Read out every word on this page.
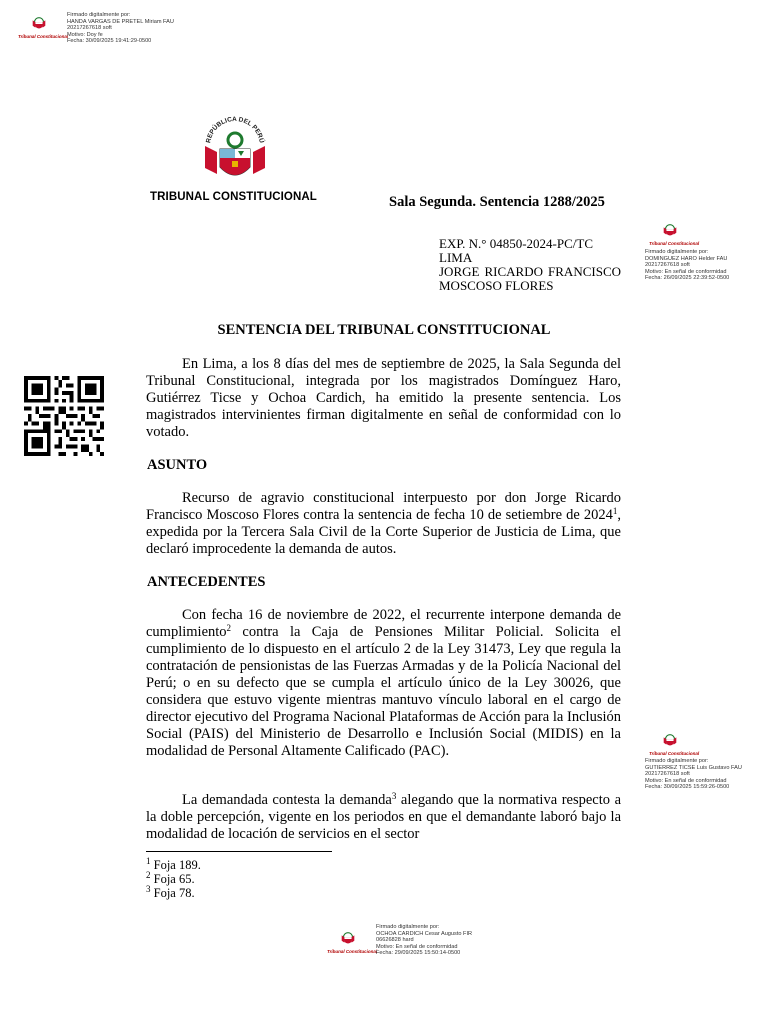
Tribunal Constitucional
Firmado digitalmente por:
HANDA VARGAS DE PRETEL Miriam FAU
20217267618 soft
Motivo: Doy fe
Fecha: 30/09/2025 19:41:29-0500
Tribunal Constitucional
Firmado digitalmente por:
DOMINGUEZ HARO Helder FAU
20217267618 soft
Motivo: En señal de conformidad
Fecha: 26/09/2025 22:39:52-0500
Tribunal Constitucional
Firmado digitalmente por:
GUTIERREZ TICSE Luis Gustavo FAU
20217267618 soft
Motivo: En señal de conformidad
Fecha: 30/09/2025 15:59:26-0500
Tribunal Constitucional
Firmado digitalmente por:
OCHOA CARDICH Cesar Augusto FIR
06626828 hard
Motivo: En señal de conformidad
Fecha: 29/09/2025 15:50:14-0500
REPÚBLICA DEL PERÚ
TRIBUNAL CONSTITUCIONAL	Sala Segunda. Sentencia 1288/2025
EXP. N.° 04850-2024-PC/TC
LIMA
JORGE RICARDO FRANCISCO
MOSCOSO FLORES
SENTENCIA DEL TRIBUNAL CONSTITUCIONAL

En Lima, a los 8 días del mes de septiembre de 2025, la Sala Segunda del Tribunal Constitucional, integrada por los magistrados Domínguez Haro, Gutiérrez Ticse y Ochoa Cardich, ha emitido la presente sentencia. Los magistrados intervinientes firman digitalmente en señal de conformidad con lo votado.

ASUNTO

Recurso de agravio constitucional interpuesto por don Jorge Ricardo Francisco Moscoso Flores contra la sentencia de fecha 10 de setiembre de 2024$^1$, expedida por la Tercera Sala Civil de la Corte Superior de Justicia de Lima, que declaró improcedente la demanda de autos.

ANTECEDENTES

Con fecha 16 de noviembre de 2022, el recurrente interpone demanda de cumplimiento$^2$ contra la Caja de Pensiones Militar Policial. Solicita el cumplimiento de lo dispuesto en el artículo 2 de la Ley 31473, Ley que regula la contratación de pensionistas de las Fuerzas Armadas y de la Policía Nacional del Perú; o en su defecto que se cumpla el artículo único de la Ley 30026, que considera que estuvo vigente mientras mantuvo vínculo laboral en el cargo de director ejecutivo del Programa Nacional Plataformas de Acción para la Inclusión Social (PAIS) del Ministerio de Desarrollo e Inclusión Social (MIDIS) en la modalidad de Personal Altamente Calificado (PAC).

La demandada contesta la demanda$^3$ alegando que la normativa respecto a la doble percepción, vigente en los periodos en que el demandante laboró bajo la modalidad de locación de servicios en el sector

$^1$ Foja 189.
$^2$ Foja 65.
$^3$ Foja 78.
